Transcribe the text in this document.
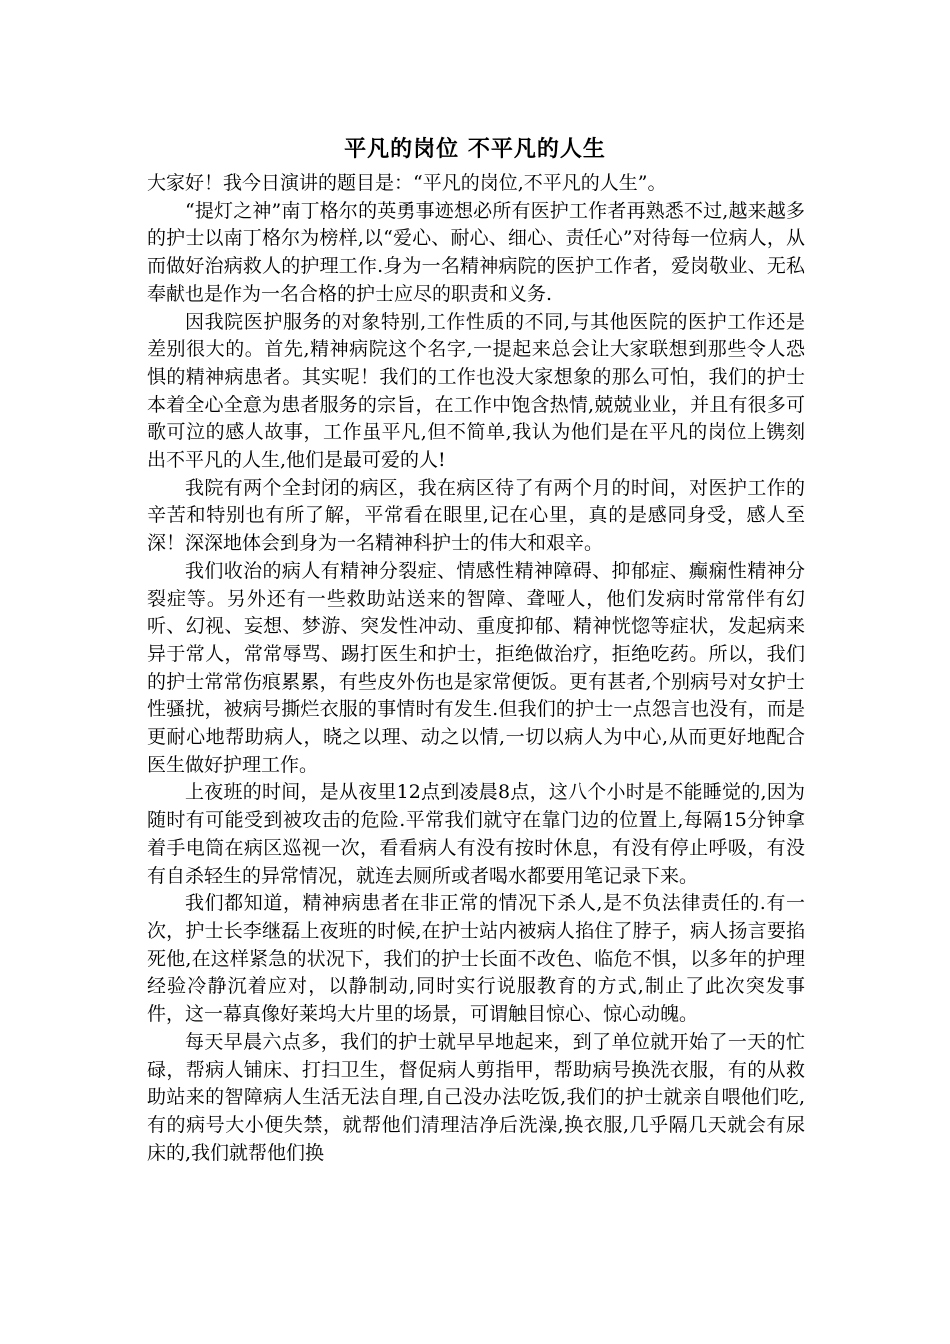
平凡的岗位 不平凡的人生

大家好！我今日演讲的题目是：“平凡的岗位,不平凡的人生”。

“提灯之神”南丁格尔的英勇事迹想必所有医护工作者再熟悉不过,越来越多的护士以南丁格尔为榜样,以“爱心、耐心、细心、责任心”对待每一位病人，从而做好治病救人的护理工作.身为一名精神病院的医护工作者，爱岗敬业、无私奉献也是作为一名合格的护士应尽的职责和义务.

因我院医护服务的对象特别,工作性质的不同,与其他医院的医护工作还是差别很大的。首先,精神病院这个名字,一提起来总会让大家联想到那些令人恐惧的精神病患者。其实呢！我们的工作也没大家想象的那么可怕，我们的护士本着全心全意为患者服务的宗旨，在工作中饱含热情,兢兢业业，并且有很多可歌可泣的感人故事，工作虽平凡,但不简单,我认为他们是在平凡的岗位上镌刻出不平凡的人生,他们是最可爱的人!

我院有两个全封闭的病区，我在病区待了有两个月的时间，对医护工作的辛苦和特别也有所了解，平常看在眼里,记在心里，真的是感同身受，感人至深！深深地体会到身为一名精神科护士的伟大和艰辛。

我们收治的病人有精神分裂症、情感性精神障碍、抑郁症、癫痫性精神分裂症等。另外还有一些救助站送来的智障、聋哑人，他们发病时常常伴有幻听、幻视、妄想、梦游、突发性冲动、重度抑郁、精神恍惚等症状，发起病来异于常人，常常辱骂、踢打医生和护士，拒绝做治疗，拒绝吃药。所以，我们的护士常常伤痕累累，有些皮外伤也是家常便饭。更有甚者,个别病号对女护士性骚扰，被病号撕烂衣服的事情时有发生.但我们的护士一点怨言也没有，而是更耐心地帮助病人，晓之以理、动之以情,一切以病人为中心,从而更好地配合医生做好护理工作。

上夜班的时间，是从夜里12点到凌晨8点，这八个小时是不能睡觉的,因为随时有可能受到被攻击的危险.平常我们就守在靠门边的位置上,每隔15分钟拿着手电筒在病区巡视一次，看看病人有没有按时休息，有没有停止呼吸，有没有自杀轻生的异常情况，就连去厕所或者喝水都要用笔记录下来。

我们都知道，精神病患者在非正常的情况下杀人,是不负法律责任的.有一次，护士长李继磊上夜班的时候,在护士站内被病人掐住了脖子，病人扬言要掐死他,在这样紧急的状况下，我们的护士长面不改色、临危不惧，以多年的护理经验冷静沉着应对，以静制动,同时实行说服教育的方式,制止了此次突发事件，这一幕真像好莱坞大片里的场景，可谓触目惊心、惊心动魄。

每天早晨六点多，我们的护士就早早地起来，到了单位就开始了一天的忙碌，帮病人铺床、打扫卫生，督促病人剪指甲，帮助病号换洗衣服，有的从救助站来的智障病人生活无法自理,自己没办法吃饭,我们的护士就亲自喂他们吃,有的病号大小便失禁，就帮他们清理洁净后洗澡,换衣服,几乎隔几天就会有尿床的,我们就帮他们换
